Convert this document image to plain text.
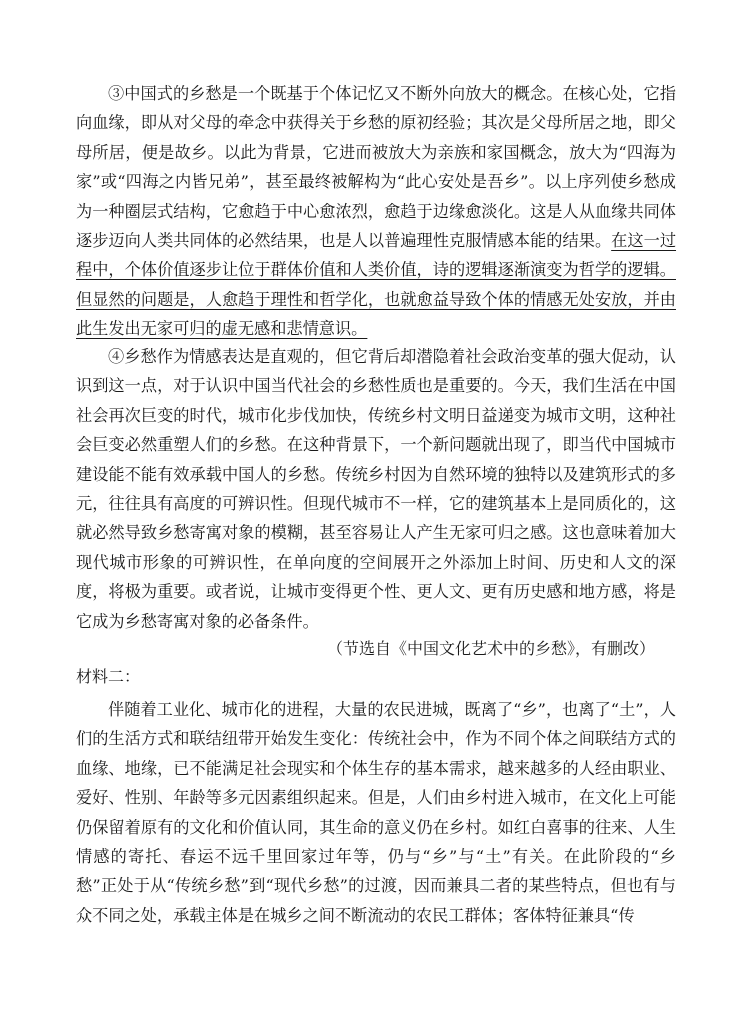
③中国式的乡愁是一个既基于个体记忆又不断外向放大的概念。在核心处，它指向血缘，即从对父母的牵念中获得关于乡愁的原初经验；其次是父母所居之地，即父母所居，便是故乡。以此为背景，它进而被放大为亲族和家国概念，放大为“四海为家”或“四海之内皆兄弟”，甚至最终被解构为“此心安处是吾乡”。以上序列使乡愁成为一种圈层式结构，它愈趋于中心愈浓烈，愈趋于边缘愈淡化。这是人从血缘共同体逐步迈向人类共同体的必然结果，也是人以普遍理性克服情感本能的结果。在这一过程中，个体价值逐步让位于群体价值和人类价值，诗的逻辑逐渐演变为哲学的逻辑。但显然的问题是，人愈趋于理性和哲学化，也就愈益导致个体的情感无处安放，并由此生发出无家可归的虚无感和悲情意识。

④乡愁作为情感表达是直观的，但它背后却潜隐着社会政治变革的强大促动，认识到这一点，对于认识中国当代社会的乡愁性质也是重要的。今天，我们生活在中国社会再次巨变的时代，城市化步伐加快，传统乡村文明日益递变为城市文明，这种社会巨变必然重塑人们的乡愁。在这种背景下，一个新问题就出现了，即当代中国城市建设能不能有效承载中国人的乡愁。传统乡村因为自然环境的独特以及建筑形式的多元，往往具有高度的可辨识性。但现代城市不一样，它的建筑基本上是同质化的，这就必然导致乡愁寄寓对象的模糊，甚至容易让人产生无家可归之感。这也意味着加大现代城市形象的可辨识性，在单向度的空间展开之外添加上时间、历史和人文的深度，将极为重要。或者说，让城市变得更个性、更人文、更有历史感和地方感，将是它成为乡愁寄寓对象的必备条件。

（节选自《中国文化艺术中的乡愁》，有删改）
材料二：

伴随着工业化、城市化的进程，大量的农民进城，既离了“乡”，也离了“土”，人们的生活方式和联结纽带开始发生变化：传统社会中，作为不同个体之间联结方式的血缘、地缘，已不能满足社会现实和个体生存的基本需求，越来越多的人经由职业、爱好、性别、年龄等多元因素组织起来。但是，人们由乡村进入城市，在文化上可能仍保留着原有的文化和价值认同，其生命的意义仍在乡村。如红白喜事的往来、人生情感的寄托、春运不远千里回家过年等，仍与“乡”与“土”有关。在此阶段的“乡愁”正处于从“传统乡愁”到“现代乡愁”的过渡，因而兼具二者的某些特点，但也有与众不同之处，承载主体是在城乡之间不断流动的农民工群体；客体特征兼具“传
